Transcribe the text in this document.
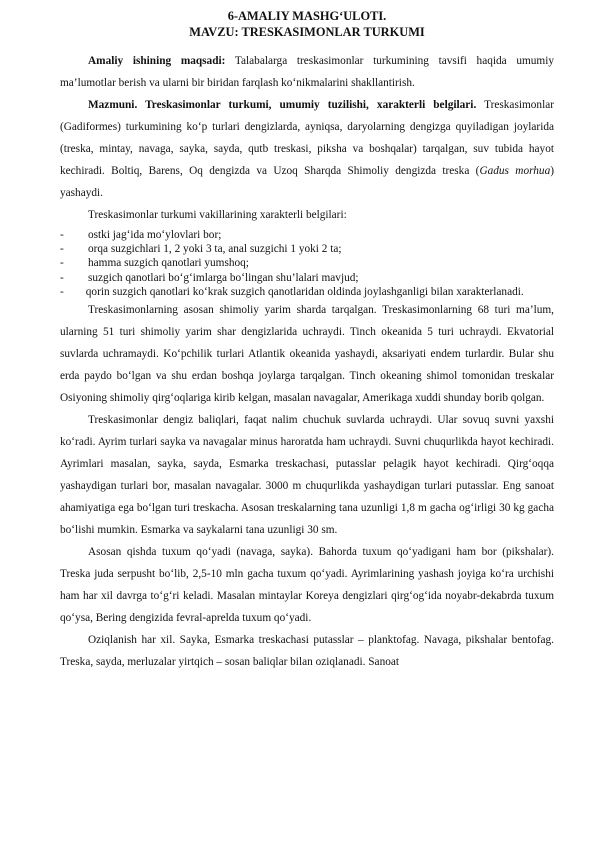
6-AMALIY MASHG‘ULOTI.

MAVZU: TRESKASIMONLAR TURKUMI

Amaliy ishining maqsadi: Talabalarga treskasimonlar turkumining tavsifi haqida umumiy ma’lumotlar berish va ularni bir biridan farqlash ko‘nikmalarini shakllantirish.

Mazmuni. Treskasimonlar turkumi, umumiy tuzilishi, xarakterli belgilari. Treskasimonlar (Gadiformes) turkumining ko‘p turlari dengizlarda, ayniqsa, daryolarning dengizga quyiladigan joylarida (treska, mintay, navaga, sayka, sayda, qutb treskasi, piksha va boshqalar) tarqalgan, suv tubida hayot kechiradi. Boltiq, Barens, Oq dengizda va Uzoq Sharqda Shimoliy dengizda treska (Gadus morhua) yashaydi.

Treskasimonlar turkumi vakillarining xarakterli belgilari:

- ostki jag‘ida mo‘ylovlari bor;
- orqa suzgichlari 1, 2 yoki 3 ta, anal suzgichi 1 yoki 2 ta;
- hamma suzgich qanotlari yumshoq;
- suzgich qanotlari bo‘g‘imlarga bo‘lingan shu’lalari mavjud;
- qorin suzgich qanotlari ko‘krak suzgich qanotlaridan oldinda joylashganligi bilan xarakterlanadi.

Treskasimonlarning asosan shimoliy yarim sharda tarqalgan. Treskasimonlarning 68 turi ma’lum, ularning 51 turi shimoliy yarim shar dengizlarida uchraydi. Tinch okeanida 5 turi uchraydi. Ekvatorial suvlarda uchramaydi. Ko‘pchilik turlari Atlantik okeanida yashaydi, aksariyati endem turlardir. Bular shu erda paydo bo‘lgan va shu erdan boshqa joylarga tarqalgan. Tinch okeaning shimol tomonidan treskalar Osiyoning shimoliy qirg‘oqlariga kirib kelgan, masalan navagalar, Amerikaga xuddi shunday borib qolgan.

Treskasimonlar dengiz baliqlari, faqat nalim chuchuk suvlarda uchraydi. Ular sovuq suvni yaxshi ko‘radi. Ayrim turlari sayka va navagalar minus haroratda ham uchraydi. Suvni chuqurlikda hayot kechiradi. Ayrimlari masalan, sayka, sayda, Esmarka treskachasi, putasslar pelagik hayot kechiradi. Qirg‘oqqa yashaydigan turlari bor, masalan navagalar. 3000 m chuqurlikda yashaydigan turlari putasslar. Eng sanoat ahamiyatiga ega bo‘lgan turi treskacha. Asosan treskalarning tana uzunligi 1,8 m gacha og‘irligi 30 kg gacha bo‘lishi mumkin. Esmarka va saykalarni tana uzunligi 30 sm.

Asosan qishda tuxum qo‘yadi (navaga, sayka). Bahorda tuxum qo‘yadigani ham bor (pikshalar). Treska juda serpusht bo‘lib, 2,5-10 mln gacha tuxum qo‘yadi. Ayrimlarining yashash joyiga ko‘ra urchishi ham har xil davrga to‘g‘ri keladi. Masalan mintaylar Koreya dengizlari qirg‘og‘ida noyabr-dekabrda tuxum qo‘ysa, Bering dengizida fevral-aprelda tuxum qo‘yadi.

Oziqlanish har xil. Sayka, Esmarka treskachasi putasslar – planktofag. Navaga, pikshalar bentofag. Treska, sayda, merluzalar yirtqich – sosan baliqlar bilan oziqlanadi. Sanoat
